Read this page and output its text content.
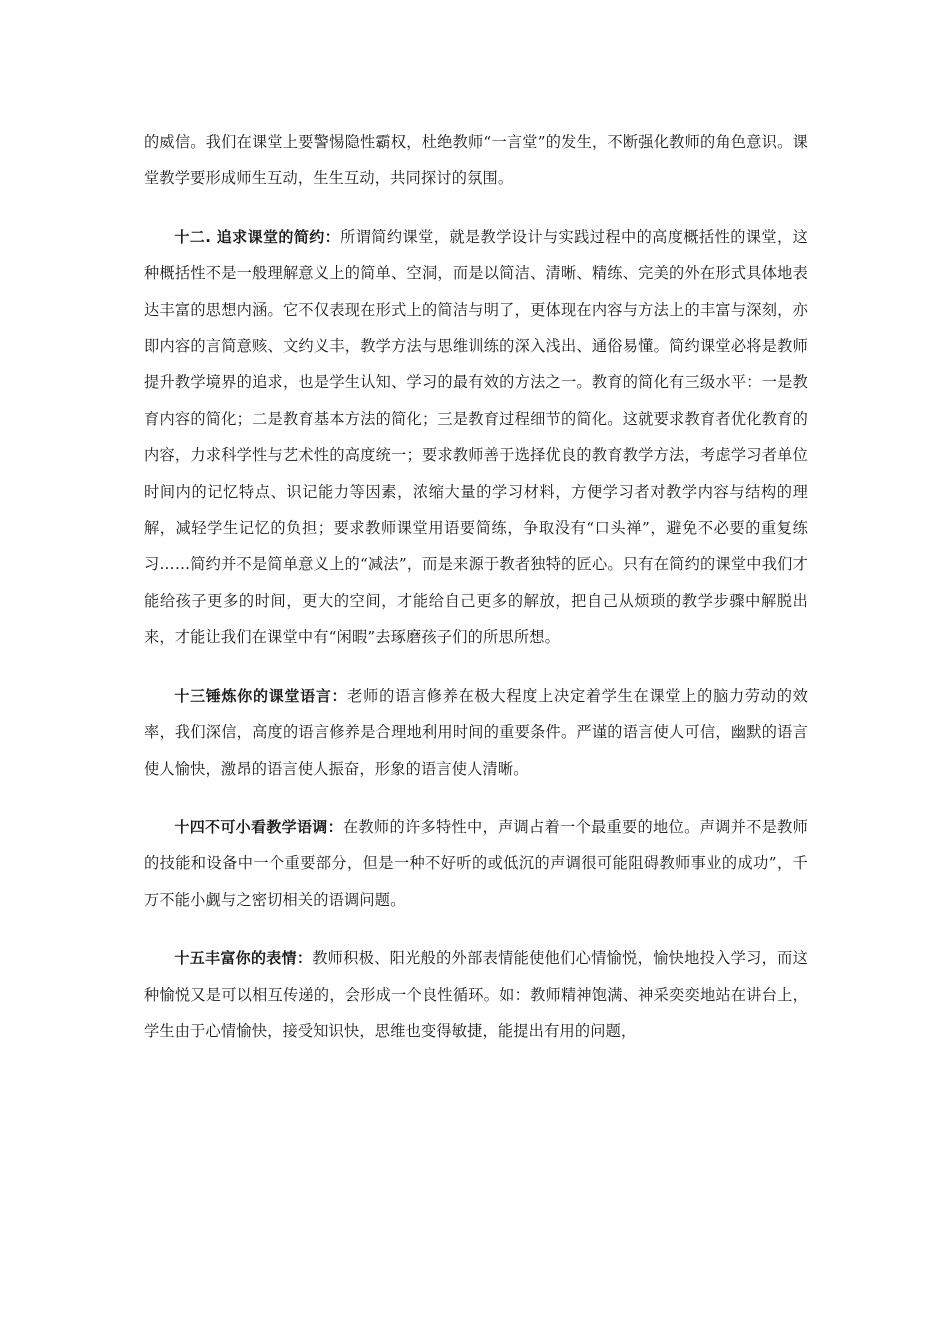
的威信。我们在课堂上要警惕隐性霸权，杜绝教师“一言堂”的发生，不断强化教师的角色意识。课堂教学要形成师生互动，生生互动，共同探讨的氛围。

十二. 追求课堂的简约：所谓简约课堂，就是教学设计与实践过程中的高度概括性的课堂，这种概括性不是一般理解意义上的简单、空洞，而是以简洁、清晰、精练、完美的外在形式具体地表达丰富的思想内涵。它不仅表现在形式上的简洁与明了，更体现在内容与方法上的丰富与深刻，亦即内容的言简意赅、文约义丰，教学方法与思维训练的深入浅出、通俗易懂。简约课堂必将是教师提升教学境界的追求，也是学生认知、学习的最有效的方法之一。教育的简化有三级水平：一是教育内容的简化；二是教育基本方法的简化；三是教育过程细节的简化。这就要求教育者优化教育的内容，力求科学性与艺术性的高度统一；要求教师善于选择优良的教育教学方法，考虑学习者单位时间内的记忆特点、识记能力等因素，浓缩大量的学习材料，方便学习者对教学内容与结构的理解，减轻学生记忆的负担；要求教师课堂用语要简练，争取没有“口头禅”，避免不必要的重复练习……简约并不是简单意义上的“减法”，而是来源于教者独特的匠心。只有在简约的课堂中我们才能给孩子更多的时间，更大的空间，才能给自己更多的解放，把自己从烦琐的教学步骤中解脱出来，才能让我们在课堂中有“闲暇”去琢磨孩子们的所思所想。

十三锤炼你的课堂语言：老师的语言修养在极大程度上决定着学生在课堂上的脑力劳动的效率，我们深信，高度的语言修养是合理地利用时间的重要条件。严谨的语言使人可信，幽默的语言使人愉快，激昂的语言使人振奋，形象的语言使人清晰。

十四不可小看教学语调：在教师的许多特性中，声调占着一个最重要的地位。声调并不是教师的技能和设备中一个重要部分，但是一种不好听的或低沉的声调很可能阻碍教师事业的成功”，千万不能小觑与之密切相关的语调问题。

十五丰富你的表情：教师积极、阳光般的外部表情能使他们心情愉悦，愉快地投入学习，而这种愉悦又是可以相互传递的，会形成一个良性循环。如：教师精神饱满、神采奕奕地站在讲台上，学生由于心情愉快，接受知识快，思维也变得敏捷，能提出有用的问题，
